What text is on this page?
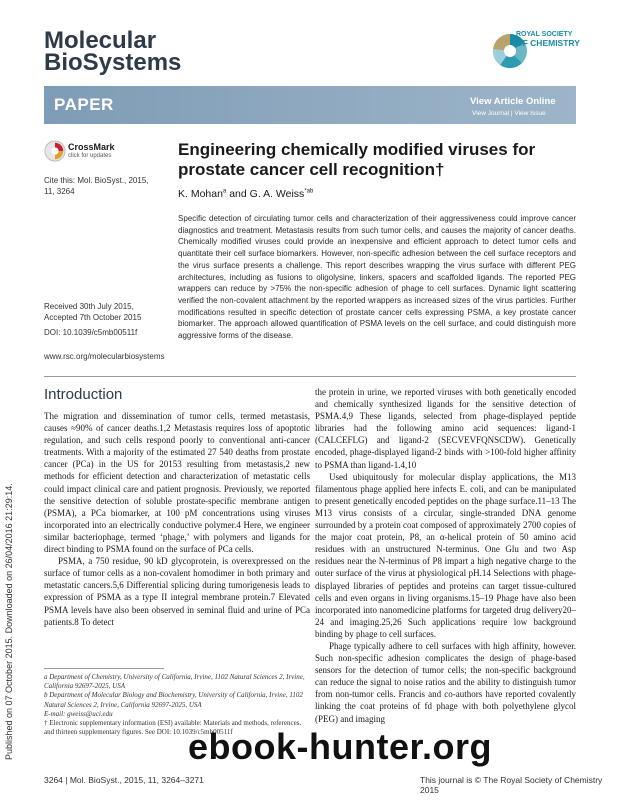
Published on 07 October 2015. Downloaded on 26/04/2016 21:29:14.
Molecular
BioSystems
ROYAL SOCIETY
OF CHEMISTRY
PAPER	View Article Online
View Journal | View Issue
CrossMark
click for updates
Cite this: Mol. BioSyst., 2015,
11, 3264
Received 30th July 2015,
Accepted 7th October 2015
DOI: 10.1039/c5mb00511f
www.rsc.org/molecularbiosystems
Engineering chemically modified viruses for prostate cancer cell recognition†
K. Mohan$^a$ and G. A. Weiss$^{*ab}$
Specific detection of circulating tumor cells and characterization of their aggressiveness could improve cancer diagnostics and treatment. Metastasis results from such tumor cells, and causes the majority of cancer deaths. Chemically modified viruses could provide an inexpensive and efficient approach to detect tumor cells and quantitate their cell surface biomarkers. However, non-specific adhesion between the cell surface receptors and the virus surface presents a challenge. This report describes wrapping the virus surface with different PEG architectures, including as fusions to oligolysine, linkers, spacers and scaffolded ligands. The reported PEG wrappers can reduce by >75% the non-specific adhesion of phage to cell surfaces. Dynamic light scattering verified the non-covalent attachment by the reported wrappers as increased sizes of the virus particles. Further modifications resulted in specific detection of prostate cancer cells expressing PSMA, a key prostate cancer biomarker. The approach allowed quantification of PSMA levels on the cell surface, and could distinguish more aggressive forms of the disease.
Introduction

The migration and dissemination of tumor cells, termed metastasis, causes ≈90% of cancer deaths.1,2 Metastasis requires loss of apoptotic regulation, and such cells respond poorly to conventional anti-cancer treatments. With a majority of the estimated 27 540 deaths from prostate cancer (PCa) in the US for 20153 resulting from metastasis,2 new methods for efficient detection and characterization of metastatic cells could impact clinical care and patient prognosis. Previously, we reported the sensitive detection of soluble prostate-specific membrane antigen (PSMA), a PCa biomarker, at 100 pM concentrations using viruses incorporated into an electrically conductive polymer.4 Here, we engineer similar bacteriophage, termed ‘phage,’ with polymers and ligands for direct binding to PSMA found on the surface of PCa cells.

PSMA, a 750 residue, 90 kD glycoprotein, is overexpressed on the surface of tumor cells as a non-covalent homodimer in both primary and metastatic cancers.5,6 Differential splicing during tumorigenesis leads to expression of PSMA as a type II integral membrane protein.7 Elevated PSMA levels have also been observed in seminal fluid and urine of PCa patients.8 To detect

the protein in urine, we reported viruses with both genetically encoded and chemically synthesized ligands for the sensitive detection of PSMA.4,9 These ligands, selected from phage-displayed peptide libraries had the following amino acid sequences: ligand-1 (CALCEFLG) and ligand-2 (SECVEVFQNSCDW). Genetically encoded, phage-displayed ligand-2 binds with >100-fold higher affinity to PSMA than ligand-1.4,10

Used ubiquitously for molecular display applications, the M13 filamentous phage applied here infects E. coli, and can be manipulated to present genetically encoded peptides on the phage surface.11–13 The M13 virus consists of a circular, single-stranded DNA genome surrounded by a protein coat composed of approximately 2700 copies of the major coat protein, P8, an α-helical protein of 50 amino acid residues with an unstructured N-terminus. One Glu and two Asp residues near the N-terminus of P8 impart a high negative charge to the outer surface of the virus at physiological pH.14 Selections with phage-displayed libraries of peptides and proteins can target tissue-cultured cells and even organs in living organisms.15–19 Phage have also been incorporated into nanomedicine platforms for targeted drug delivery20–24 and imaging.25,26 Such applications require low background binding by phage to cell surfaces.

Phage typically adhere to cell surfaces with high affinity, however. Such non-specific adhesion complicates the design of phage-based sensors for the detection of tumor cells; the non-specific background can reduce the signal to noise ratios and the ability to distinguish tumor from non-tumor cells. Francis and co-authors have reported covalently linking the coat proteins of fd phage with both polyethylene glycol (PEG) and imaging

a Department of Chemistry, University of California, Irvine, 1102 Natural Sciences 2, Irvine, California 92697-2025, USA

b Department of Molecular Biology and Biochemistry, University of California, Irvine, 1102 Natural Sciences 2, Irvine, California 92697-2025, USA

E-mail: gweiss@uci.edu

† Electronic supplementary information (ESI) available: Materials and methods, references, and thirteen supplementary figures. See DOI: 10.1039/c5mb00511f

3264 | Mol. BioSyst., 2015, 11, 3264–3271	This journal is © The Royal Society of Chemistry 2015
ebook-hunter.org
